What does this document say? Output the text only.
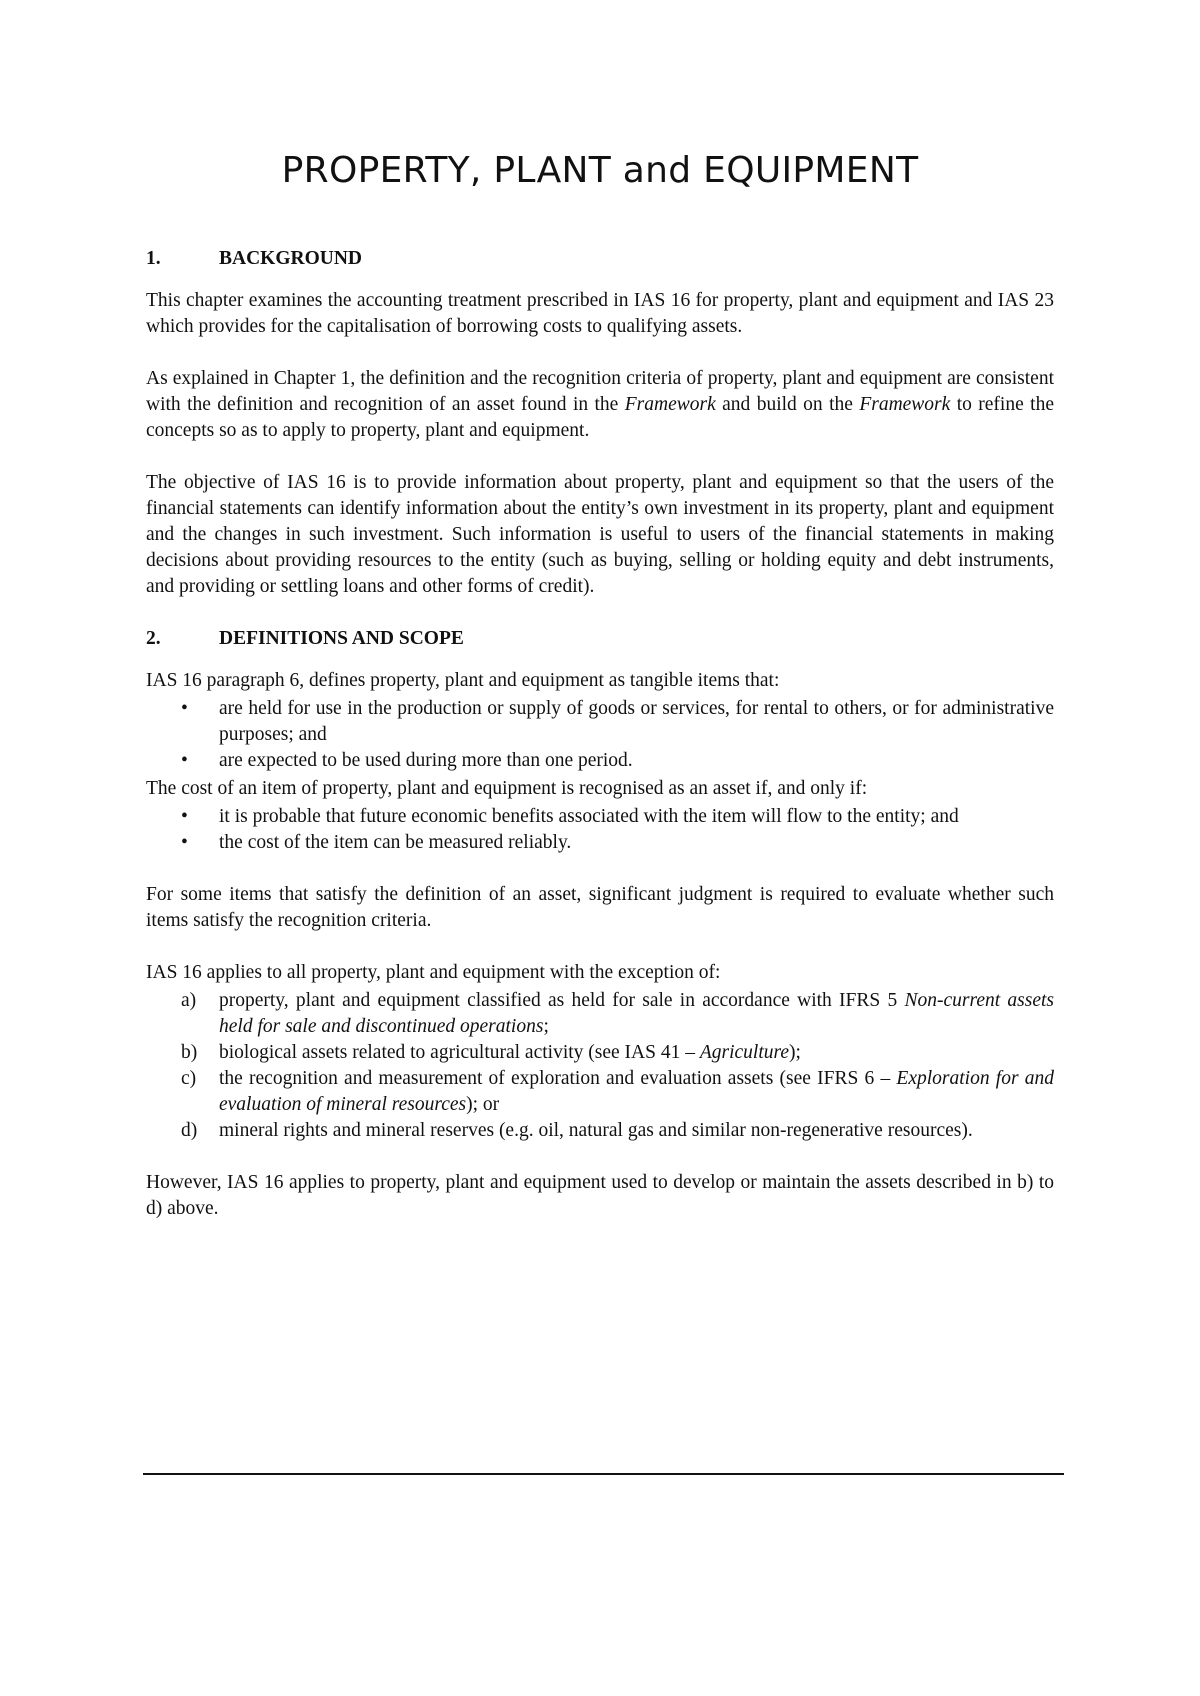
PROPERTY, PLANT and EQUIPMENT
1.	BACKGROUND

This chapter examines the accounting treatment prescribed in IAS 16 for property, plant and equipment and IAS 23 which provides for the capitalisation of borrowing costs to qualifying assets.

As explained in Chapter 1, the definition and the recognition criteria of property, plant and equipment are consistent with the definition and recognition of an asset found in the Framework and build on the Framework to refine the concepts so as to apply to property, plant and equipment.

The objective of IAS 16 is to provide information about property, plant and equipment so that the users of the financial statements can identify information about the entity’s own investment in its property, plant and equipment and the changes in such investment. Such information is useful to users of the financial statements in making decisions about providing resources to the entity (such as buying, selling or holding equity and debt instruments, and providing or settling loans and other forms of credit).

2.	DEFINITIONS AND SCOPE

IAS 16 paragraph 6, defines property, plant and equipment as tangible items that:

• are held for use in the production or supply of goods or services, for rental to others, or for administrative purposes; and
• are expected to be used during more than one period.

The cost of an item of property, plant and equipment is recognised as an asset if, and only if:

• it is probable that future economic benefits associated with the item will flow to the entity; and
• the cost of the item can be measured reliably.

For some items that satisfy the definition of an asset, significant judgment is required to evaluate whether such items satisfy the recognition criteria.

IAS 16 applies to all property, plant and equipment with the exception of:

a) property, plant and equipment classified as held for sale in accordance with IFRS 5 Non-current assets held for sale and discontinued operations;
b) biological assets related to agricultural activity (see IAS 41 – Agriculture);
c) the recognition and measurement of exploration and evaluation assets (see IFRS 6 – Exploration for and evaluation of mineral resources); or
d) mineral rights and mineral reserves (e.g. oil, natural gas and similar non-regenerative resources).

However, IAS 16 applies to property, plant and equipment used to develop or maintain the assets described in b) to d) above.
